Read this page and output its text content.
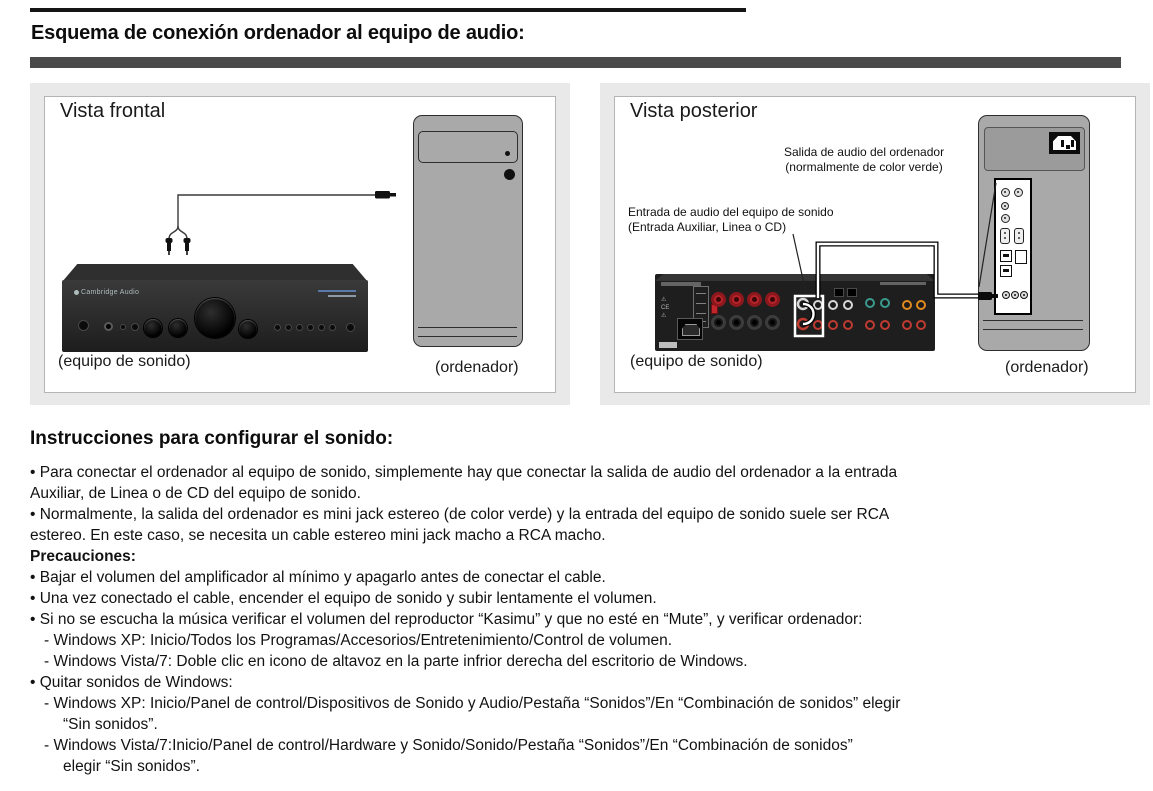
Esquema de conexión ordenador al equipo de audio:
Vista frontal
Cambridge Audio
(equipo de sonido)	(ordenador)
Vista posterior
Salida de audio del ordenador
(normalmente de color verde)
Entrada de audio del equipo de sonido
(Entrada Auxiliar, Linea o CD)
⚠
CE
⚠
(equipo de sonido)	(ordenador)
Instrucciones para configurar el sonido:
• Para conectar el ordenador al equipo de sonido, simplemente hay que conectar la salida de audio del ordenador a la entrada
Auxiliar, de Linea o de CD del equipo de sonido.
• Normalmente, la salida del ordenador es mini jack estereo (de color verde) y la entrada del equipo de sonido suele ser RCA
estereo. En este caso, se necesita un cable estereo mini jack macho a RCA macho.
Precauciones:
• Bajar el volumen del amplificador al mínimo y apagarlo antes de conectar el cable.
• Una vez conectado el cable, encender el equipo de sonido y subir lentamente el volumen.
• Si no se escucha la música verificar el volumen del reproductor “Kasimu” y que no esté en “Mute”, y verificar ordenador:
- Windows XP: Inicio/Todos los Programas/Accesorios/Entretenimiento/Control de volumen.
- Windows Vista/7: Doble clic en icono de altavoz en la parte infrior derecha del escritorio de Windows.
• Quitar sonidos de Windows:
- Windows XP: Inicio/Panel de control/Dispositivos de Sonido y Audio/Pestaña “Sonidos”/En “Combinación de sonidos” elegir
“Sin sonidos”.
- Windows Vista/7:Inicio/Panel de control/Hardware y Sonido/Sonido/Pestaña “Sonidos”/En “Combinación de sonidos”
elegir “Sin sonidos”.
